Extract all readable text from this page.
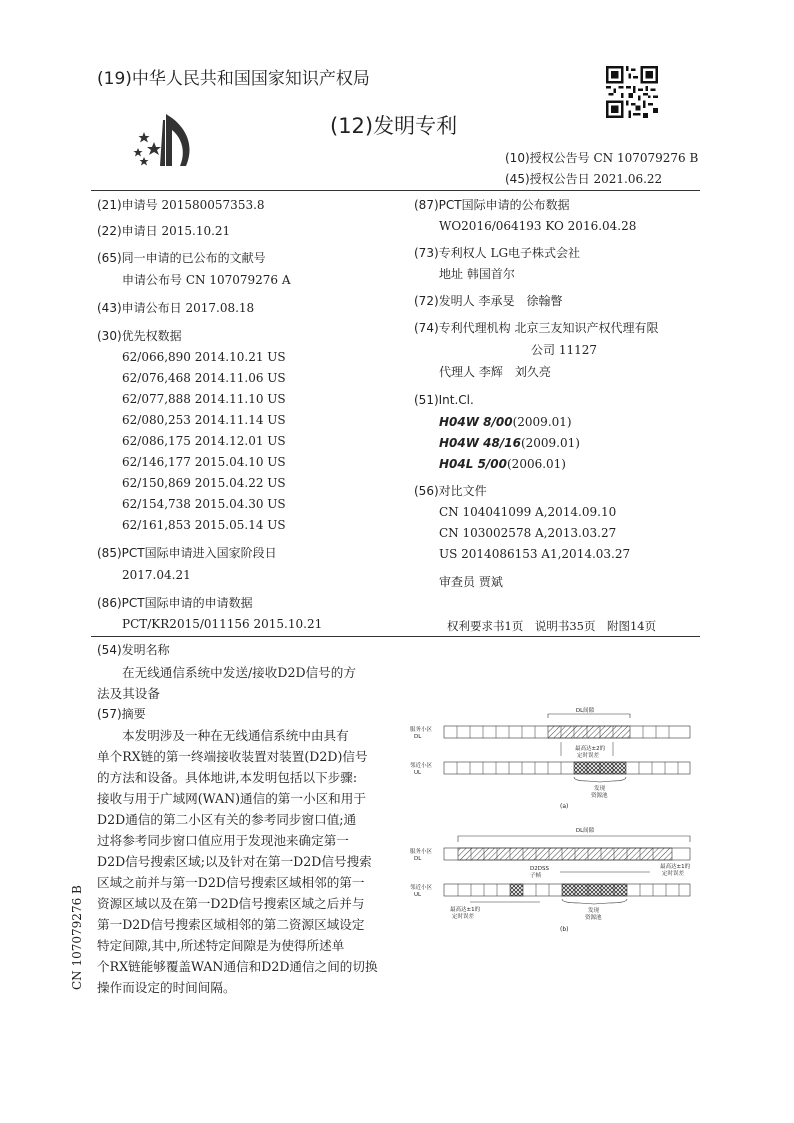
(19)中华人民共和国国家知识产权局
(12)发明专利
(10)授权公告号 CN 107079276 B
(45)授权公告日 2021.06.22
(21)申请号 201580057353.8
(22)申请日 2015.10.21
(65)同一申请的已公布的文献号
申请公布号 CN 107079276 A
(43)申请公布日 2017.08.18
(30)优先权数据
62/066,890 2014.10.21 US
62/076,468 2014.11.06 US
62/077,888 2014.11.10 US
62/080,253 2014.11.14 US
62/086,175 2014.12.01 US
62/146,177 2015.04.10 US
62/150,869 2015.04.22 US
62/154,738 2015.04.30 US
62/161,853 2015.05.14 US
(85)PCT国际申请进入国家阶段日
2017.04.21
(86)PCT国际申请的申请数据
PCT/KR2015/011156 2015.10.21
(87)PCT国际申请的公布数据
WO2016/064193 KO 2016.04.28
(73)专利权人 LG电子株式会社
地址 韩国首尔
(72)发明人 李承旻　徐翰瞥
(74)专利代理机构 北京三友知识产权代理有限
公司 11127
代理人 李辉　刘久亮
(51)Int.Cl.
H04W 8/00(2009.01)
H04W 48/16(2009.01)
H04L 5/00(2006.01)
(56)对比文件
CN 104041099 A,2014.09.10
CN 103002578 A,2013.03.27
US 2014086153 A1,2014.03.27
审查员 贾斌
权利要求书1页　说明书35页　附图14页
(54)发明名称
在无线通信系统中发送/接收D2D信号的方
法及其设备
(57)摘要
本发明涉及一种在无线通信系统中由具有
单个RX链的第一终端接收装置对装置(D2D)信号
的方法和设备。具体地讲,本发明包括以下步骤:
接收与用于广域网(WAN)通信的第一小区和用于
D2D通信的第二小区有关的参考同步窗口值;通
过将参考同步窗口值应用于发现池来确定第一
D2D信号搜索区域;以及针对在第一D2D信号搜索
区域之前并与第一D2D信号搜索区域相邻的第一
资源区域以及在第一D2D信号搜索区域之后并与
第一D2D信号搜索区域相邻的第二资源区域设定
特定间隙,其中,所述特定间隙是为使得所述单
个RX链能够覆盖WAN通信和D2D通信之间的切换
操作而设定的时间间隔。
CN 107079276 B
DL间隙
服务小区
DL
最高达±2的
定时误差
邻近小区
UL
发现
资源池
(a)
DL间隙
服务小区
DL
D2DSS
子帧
最高达±1的
定时误差
邻近小区
UL
最高达±1的
定时误差
发现
资源池
(b)
